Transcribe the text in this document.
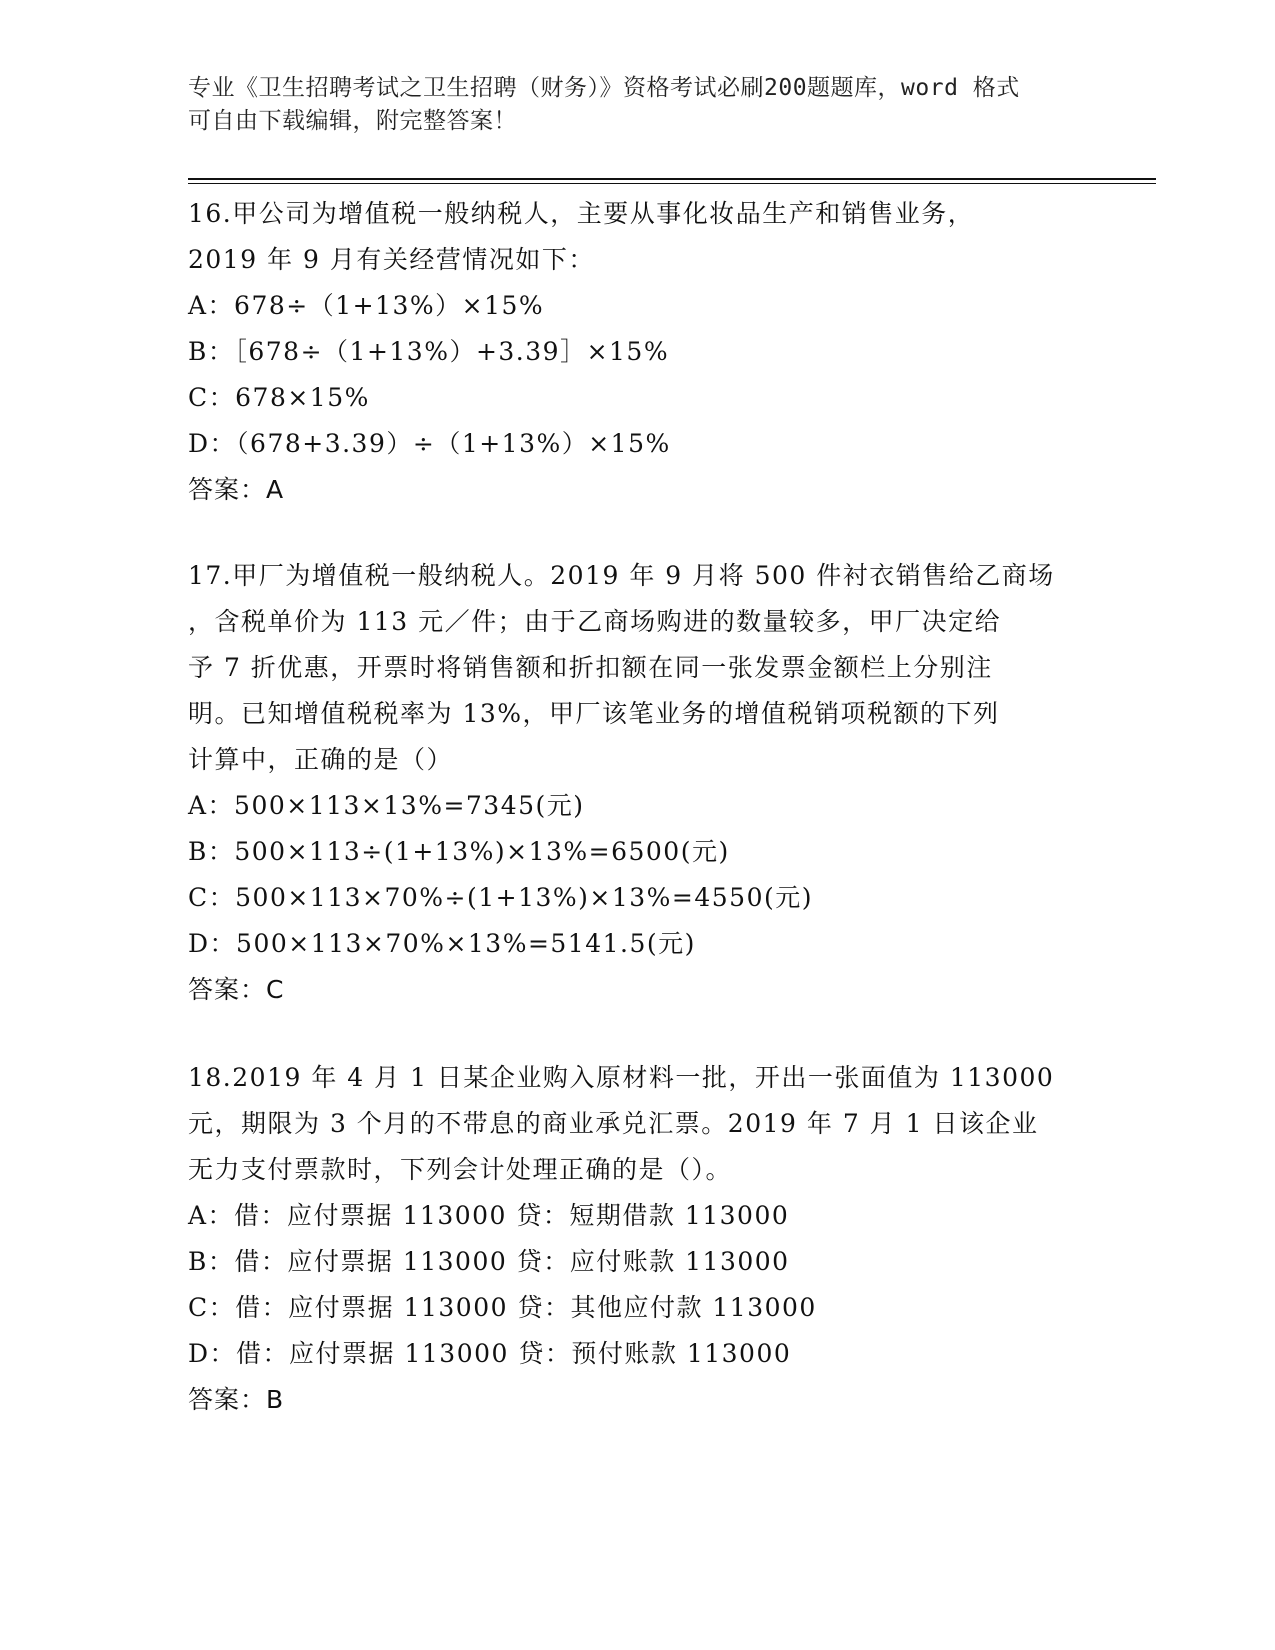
专业《卫生招聘考试之卫生招聘（财务）》资格考试必刷200题题库，word 格式
可自由下载编辑，附完整答案！
16.甲公司为增值税一般纳税人，主要从事化妆品生产和销售业务，
2019 年 9 月有关经营情况如下：
A：678÷（1+13%）×15%
B：［678÷（1+13%）+3.39］×15%
C：678×15%
D：（678+3.39）÷（1+13%）×15%
答案：A
17.甲厂为增值税一般纳税人。2019 年 9 月将 500 件衬衣销售给乙商场
，含税单价为 113 元／件；由于乙商场购进的数量较多，甲厂决定给
予 7 折优惠，开票时将销售额和折扣额在同一张发票金额栏上分别注
明。已知增值税税率为 13%，甲厂该笔业务的增值税销项税额的下列
计算中，正确的是（）
A：500×113×13%=7345(元)
B：500×113÷(1+13%)×13%=6500(元)
C：500×113×70%÷(1+13%)×13%=4550(元)
D：500×113×70%×13%=5141.5(元)
答案：C
18.2019 年 4 月 1 日某企业购入原材料一批，开出一张面值为 113000
元，期限为 3 个月的不带息的商业承兑汇票。2019 年 7 月 1 日该企业
无力支付票款时，下列会计处理正确的是（）。
A：借：应付票据 113000 贷：短期借款 113000
B：借：应付票据 113000 贷：应付账款 113000
C：借：应付票据 113000 贷：其他应付款 113000
D：借：应付票据 113000 贷：预付账款 113000
答案：B
